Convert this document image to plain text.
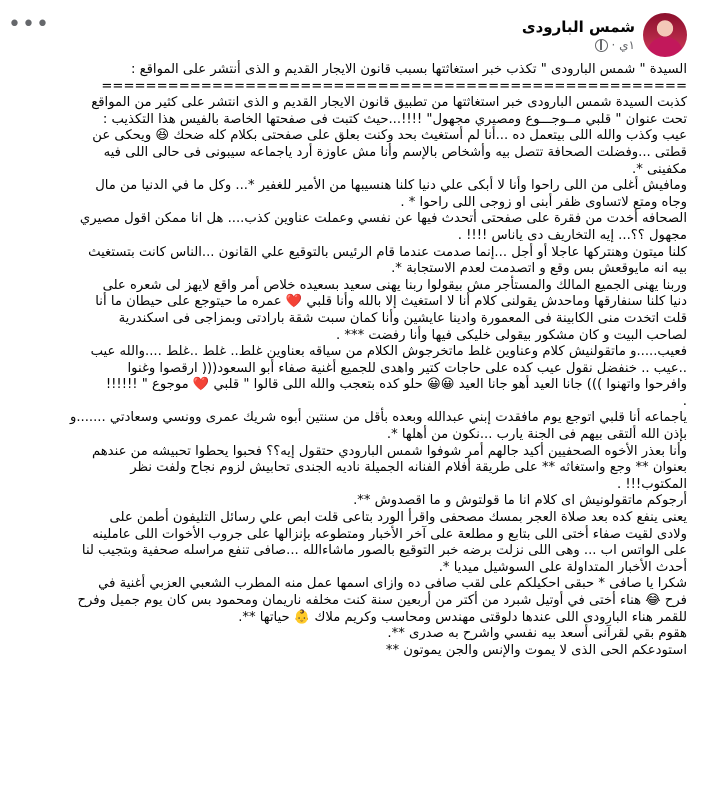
•••	شمس البارودى
١ي ·

السيدة " شمس البارودى " تكذب خبر استغاثتها بسبب قانون الايجار القديم و الذى أنتشر على المواقع :

=====================================================

كذبت السيدة شمس البارودى خبر استغاثتها من تطبيق قانون الايجار القديم و الذى انتشر على كثير من المواقع

تحت عنوان " قلبي مــوجـــوع ومصيري مجهول" !!!!...حيث كتبت فى صفحتها الخاصة بالفيس هذا التكذيب :

عيب وكذب والله اللى بيتعمل ده ...أنا لم أستغيث بحد وكنت بعلق على صفحتى بكلام كله ضحك 😆 ويحكى عن

قطتى ...وفضلت الصحافة تتصل بيه وأشخاص بالإسم وأنا مش عاوزة أرد ياجماعه سيبونى فى حالى اللى فيه

مكفينى *.

ومافيش أغلى من اللى راحوا وأنا لا أبكى علي دنيا كلنا هنسيبها من الأمير للغفير *... وكل ما في الدنيا من مال

وجاه ومتع لاتساوى ظفر أبنى او زوجى اللى راحوا * .

الصحافه أخدت من فقرة على صفحتى أتحدث فيها عن نفسي وعملت عناوين كذب.... هل انا ممكن اقول مصيري

مجهول ؟؟... إيه التخاريف دى ياناس !!!! .

كلنا ميتون وهنتركها عاجلا أو أجل ...إنما صدمت عندما قام الرئيس بالتوقيع علي القانون ...الناس كانت بتستغيث

بيه انه مايوقعش بس وقع و اتصدمت لعدم الاستجابة *.

وربنا يهنى الجميع المالك والمستأجر مش بيقولوا ربنا يهنى سعيد بسعيده خلاص أمر واقع لايهز لى شعره على

دنيا كلنا سنفارقها وماحدش يقولنى كلام أنا لا استغيث إلا بالله وأنا قلبي ❤️ عمره ما حيتوجع على حيطان ما أنا

قلت اتخدت منى الكابينة فى المعمورة وادينا عايشين وأنا كمان سبت شقة بارادتى وبمزاجى فى اسكندرية

لصاحب البيت و كان مشكور بيقولى خليكى فيها وأنا رفضت *** .

فعيب.....و ماتقولنيش كلام وعناوين غلط ماتخرجوش الكلام من سياقه بعناوين غلط.. غلط ..غلط ....والله عيب

..عيب .. خنفضل نقول عيب كده على حاجات كتير واهدى للجميع أغنية صفاء أبو السعود((( ارقصوا وغنوا

وافرحوا واتهنوا ))) جانا العيد أهو جانا العيد 😀😀 حلو كده بتعجب والله اللى قالوا " قلبي ❤️ موجوع " !!!!!!

.

ياجماعه أنا قلبي اتوجع يوم مافقدت إبني عبدالله وبعده بأقل من سنتين أبوه شريك عمرى وونسي وسعادتي .......و

بإذن الله ألتقى بيهم فى الجنة يارب ...نكون من أهلها *.

وأنا بعذر الأخوه الصحفيين أكيد جالهم أمر شوفوا شمس البارودي حتقول إيه؟؟ فحبوا يحطوا تحبيشه من عندهم

بعنوان ** وجع واستغاثه ** على طريقة أفلام الفنانه الجميلة ناديه الجندى تحابيش لزوم نجاح ولفت نظر

المكتوب!!! .

أرجوكم ماتقولونيش اى كلام انا ما قولتوش و ما اقصدوش **.

يعنى ينفع كده بعد صلاة العجر بمسك مصحفى واقرأ الورد بتاعى قلت ابص علي رسائل التليفون أطمن على

ولادى لقيت صفاء أختى اللى بتابع و مطلعة على آخر الأخبار ومتطوعه بإنزالها على جروب الأخوات اللى عاملينه

على الواتس اب ... وهى اللى نزلت برضه خبر التوقيع بالصور ماشاءالله ...صافى تنفع مراسله صحفية وبتجيب لنا

أحدث الأخبار المتداولة على السوشيل ميديا *.

شكرا يا صافى * حبقى احكيلكم على لقب صافى ده وازاى اسمها عمل منه المطرب الشعبي العزبي أغنية في

فرح 😂 هناء أختى في أوتيل شبرد من أكتر من أربعين سنة كنت مخلفه ناريمان ومحمود بس كان يوم جميل وفرح

للقمر هناء البارودى اللى عندها دلوقتى مهندس ومحاسب وكريم ملاك 👶 حياتها **.

هقوم بقي لقرآنى أسعد بيه نفسي واشرح به صدرى **.

استودعكم الحى الذى لا يموت والإنس والجن يموتون **
